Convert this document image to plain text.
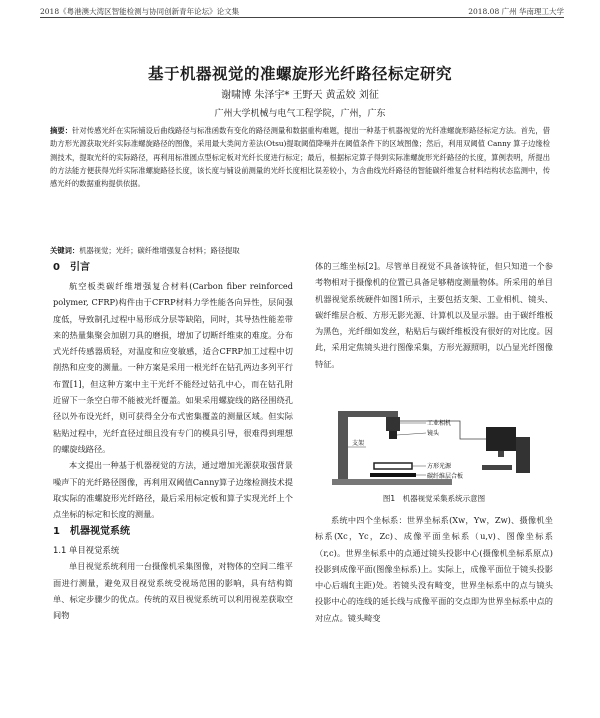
2018《粤港澳大湾区智能检测与协同创新青年论坛》论文集	2018.08 广州 华南理工大学
基于机器视觉的准螺旋形光纤路径标定研究
谢啸博 朱泽宇* 王野天 黄孟姣 刘征
广州大学机械与电气工程学院，广州，广东
摘要：针对传感光纤在实际铺设后曲线路径与标准函数有变化的路径测量和数据重构难题，提出一种基于机器视觉的光纤准螺旋形路径标定方法。首先，借助方形光源获取光纤实际准螺旋路径的图像，采用最大类间方差法(Otsu)提取阈值降噪并在阈值条件下的区域图像；然后，利用双阈值 Canny 算子边缘检测技术，提取光纤的实际路径，再利用标准圆点型标定板对光纤长度进行标定；最后，根据标定算子得到实际准螺旋形光纤路径的长度，算例表明，所提出的方法能方便获得光纤实际准螺旋路径长度，该长度与铺设前测量的光纤长度相比误差较小，为含曲线光纤路径的智能碳纤维复合材料结构状态监测中，传感光纤的数据重构提供依据。
关键词：机器视觉；光纤；碳纤维增强复合材料；路径提取
0　引言

航空板类碳纤维增强复合材料(Carbon fiber reinforced polymer, CFRP)构件由于CFRP材料力学性能各向异性，层间强度低，导致制孔过程中易形成分层等缺陷，同时，其导热性能差带来的热量集聚会加剧刀具的磨损，增加了切断纤维束的难度。分布式光纤传感器质轻，对温度和应变敏感，适合CFRP加工过程中切削热和应变的测量。一种方案是采用一根光纤在钻孔两边多列平行布置[1]，但这种方案中主干光纤不能经过钻孔中心，而在钻孔附近留下一条空白带不能被光纤覆盖。如果采用螺旋线的路径围绕孔径以外布设光纤，则可获得全分布式密集覆盖的测量区域。但实际粘贴过程中，光纤直径过细且没有专门的模具引导，很难得到理想的螺旋线路径。

本文提出一种基于机器视觉的方法，通过增加光源获取强背景噪声下的光纤路径图像，再利用双阈值Canny算子边缘检测技术提取实际的准螺旋形光纤路径，最后采用标定板和算子实现光纤上个点坐标的标定和长度的测量。

1　机器视觉系统
1.1 单目视觉系统

单目视觉系统利用一台摄像机采集图像，对物体的空间二维平面进行测量，避免双目视觉系统受视场范围的影响，具有结构简单、标定步骤少的优点。传统的双目视觉系统可以利用视差获取空间物

体的三维坐标[2]。尽管单目视觉不具备该特征，但只知道一个参考物相对于摄像机的位置已具备足够精度测量物体。所采用的单目机器视觉系统硬件如图1所示，主要包括支架、工业相机、镜头、碳纤维层合板、方形无影光源、计算机以及显示器。由于碳纤维板为黑色，光纤细如发丝，粘贴后与碳纤维板没有很好的对比度。因此，采用定焦镜头进行图像采集，方形光源照明，以凸显光纤图像特征。

工业相机
镜头
支架
方形光源
碳纤维层合板
图1　机器视觉采集系统示意图

系统中四个坐标系：世界坐标系(Xw，Yw，Zw)、摄像机坐标系(Xc，Yc，Zc)、成像平面坐标系（u,v)、图像坐标系（r,c)。世界坐标系中的点通过镜头投影中心(摄像机坐标系原点)投影到成像平面(图像坐标系)上。实际上，成像平面位于镜头投影中心后端f(主距)处。若镜头没有畸变，世界坐标系中的点与镜头投影中心的连线的延长线与成像平面的交点即为世界坐标系中点的对应点。镜头畸变
